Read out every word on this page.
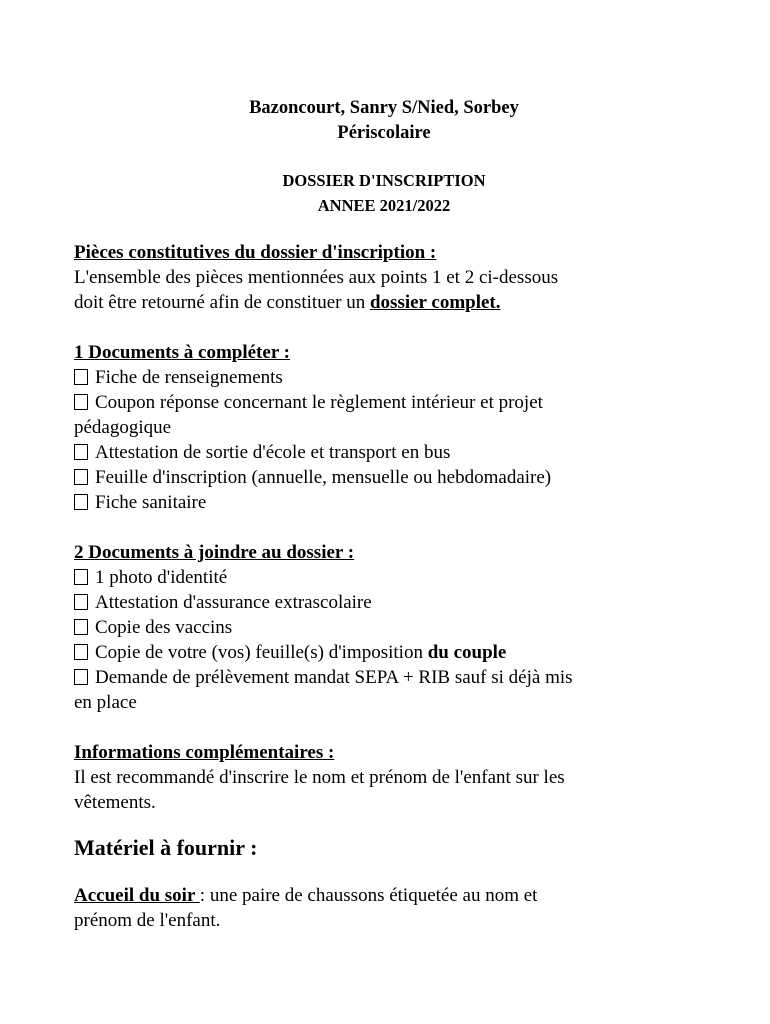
Bazoncourt, Sanry S/Nied, Sorbey
Périscolaire
DOSSIER D'INSCRIPTION
ANNEE 2021/2022
Pièces constitutives du dossier d'inscription :
L'ensemble des pièces mentionnées aux points 1 et 2 ci-dessous
doit être retourné afin de constituer un dossier complet.
1 Documents à compléter :
Fiche de renseignements
Coupon réponse concernant le règlement intérieur et projet
pédagogique
Attestation de sortie d'école et transport en bus
Feuille d'inscription (annuelle, mensuelle ou hebdomadaire)
Fiche sanitaire
2 Documents à joindre au dossier :
1 photo d'identité
Attestation d'assurance extrascolaire
Copie des vaccins
Copie de votre (vos) feuille(s) d'imposition du couple
Demande de prélèvement mandat SEPA + RIB sauf si déjà mis
en place
Informations complémentaires :
Il est recommandé d'inscrire le nom et prénom de l'enfant sur les
vêtements.
Matériel à fournir :
Accueil du soir : une paire de chaussons étiquetée au nom et
prénom de l'enfant.
